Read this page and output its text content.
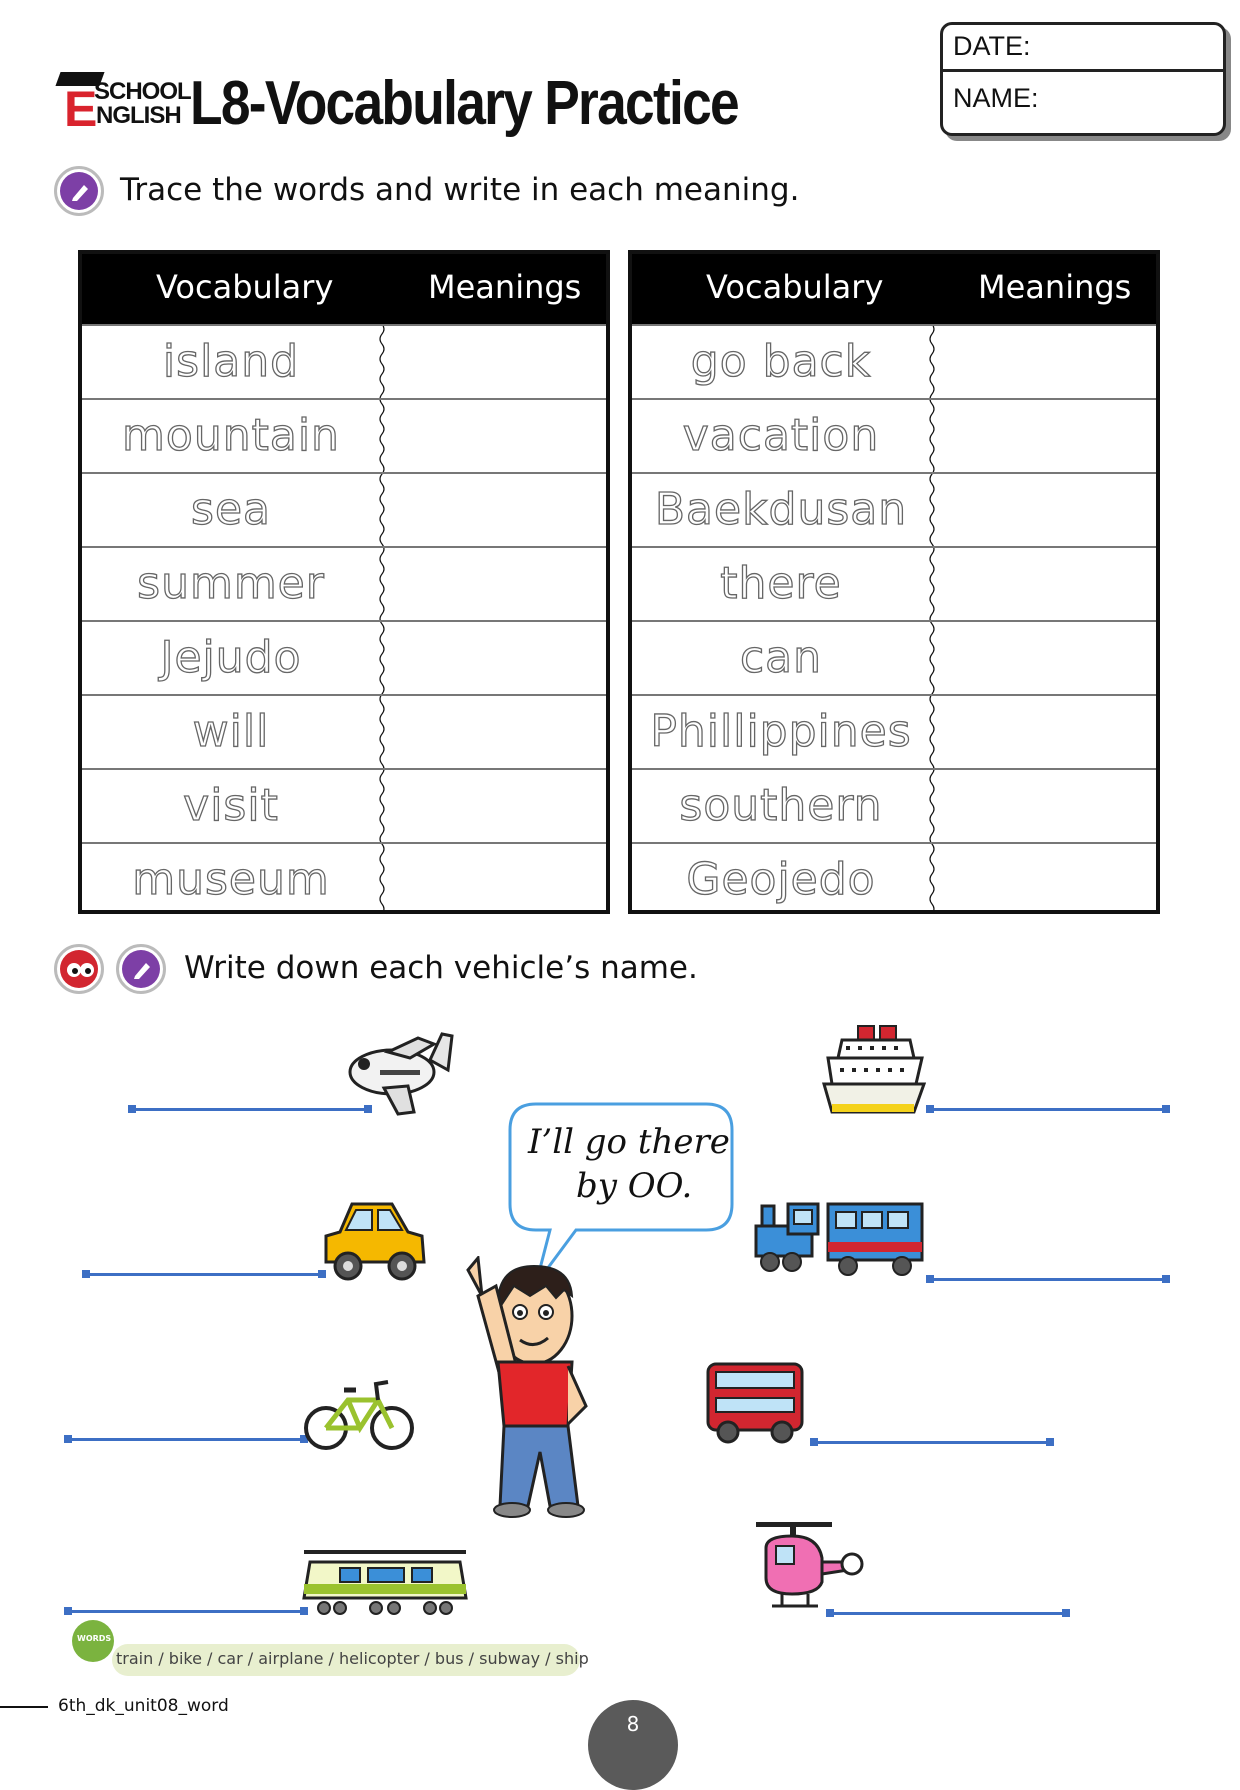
E
SCHOOL
NGLISH L8-Vocabulary Practice
DATE:
NAME:
Trace the words and write in each meaning.
Vocabulary	Meanings
island
mountain
sea
summer
Jejudo
will
visit
museum
Vocabulary	Meanings
go back
vacation
Baekdusan
there
can
Phillippines
southern
Geojedo
Write down each vehicle’s name.
I’ll go there
by OO.
train / bike / car / airplane / helicopter / bus / subway / ship
WORDS
6th_dk_unit08_word
8
